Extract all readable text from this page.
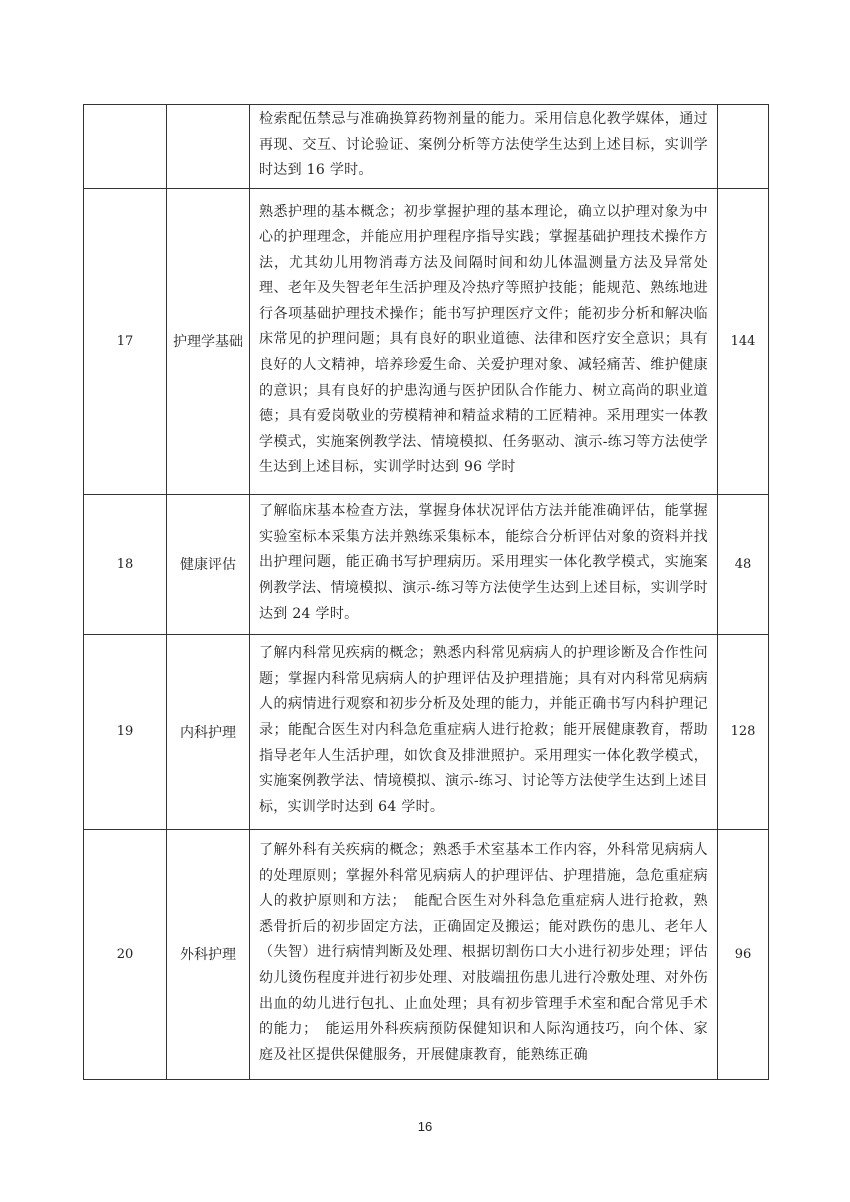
		检索配伍禁忌与准确换算药物剂量的能力。采用信息化教学媒体，通过再现、交互、讨论验证、案例分析等方法使学生达到上述目标，实训学时达到 16 学时。	
17	护理学基础	熟悉护理的基本概念；初步掌握护理的基本理论，确立以护理对象为中心的护理理念，并能应用护理程序指导实践；掌握基础护理技术操作方法，尤其幼儿用物消毒方法及间隔时间和幼儿体温测量方法及异常处理、老年及失智老年生活护理及冷热疗等照护技能；能规范、熟练地进行各项基础护理技术操作；能书写护理医疗文件；能初步分析和解决临床常见的护理问题；具有良好的职业道德、法律和医疗安全意识；具有良好的人文精神，培养珍爱生命、关爱护理对象、减轻痛苦、维护健康的意识；具有良好的护患沟通与医护团队合作能力、树立高尚的职业道德；具有爱岗敬业的劳模精神和精益求精的工匠精神。采用理实一体教学模式，实施案例教学法、情境模拟、任务驱动、演示-练习等方法使学生达到上述目标，实训学时达到 96 学时	144
18	健康评估	了解临床基本检查方法，掌握身体状况评估方法并能准确评估，能掌握实验室标本采集方法并熟练采集标本，能综合分析评估对象的资料并找出护理问题，能正确书写护理病历。采用理实一体化教学模式，实施案例教学法、情境模拟、演示-练习等方法使学生达到上述目标，实训学时达到 24 学时。	48
19	内科护理	了解内科常见疾病的概念；熟悉内科常见病病人的护理诊断及合作性问题；掌握内科常见病病人的护理评估及护理措施；具有对内科常见病病人的病情进行观察和初步分析及处理的能力，并能正确书写内科护理记录；能配合医生对内科急危重症病人进行抢救；能开展健康教育，帮助指导老年人生活护理，如饮食及排泄照护。采用理实一体化教学模式，实施案例教学法、情境模拟、演示-练习、讨论等方法使学生达到上述目标，实训学时达到 64 学时。	128
20	外科护理	了解外科有关疾病的概念；熟悉手术室基本工作内容，外科常见病病人的处理原则；掌握外科常见病病人的护理评估、护理措施，急危重症病人的救护原则和方法；　能配合医生对外科急危重症病人进行抢救，熟悉骨折后的初步固定方法，正确固定及搬运；能对跌伤的患儿、老年人（失智）进行病情判断及处理、根据切割伤口大小进行初步处理；评估幼儿烫伤程度并进行初步处理、对肢端扭伤患儿进行冷敷处理、对外伤出血的幼儿进行包扎、止血处理；具有初步管理手术室和配合常见手术的能力；　能运用外科疾病预防保健知识和人际沟通技巧，向个体、家庭及社区提供保健服务，开展健康教育，能熟练正确	96
16
